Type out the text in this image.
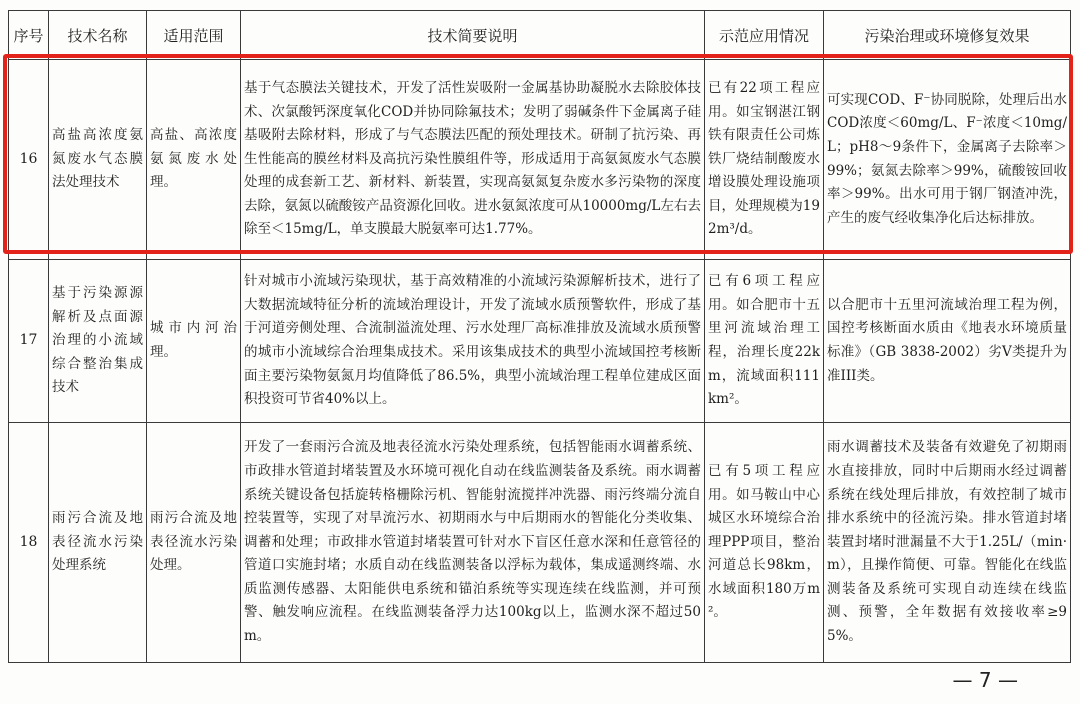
序号	技术名称	适用范围	技术简要说明	示范应用情况	污染治理或环境修复效果
16	高盐高浓度氨氮废水气态膜法处理技术	高盐、高浓度氨氮废水处理。	基于气态膜法关键技术，开发了活性炭吸附一金属基协助凝脱水去除胶体技术、次氯酸钙深度氧化COD并协同除氟技术；发明了弱碱条件下金属离子硅基吸附去除材料，形成了与气态膜法匹配的预处理技术。研制了抗污染、再生性能高的膜丝材料及高抗污染性膜组件等，形成适用于高氨氮废水气态膜处理的成套新工艺、新材料、新装置，实现高氨氮复杂废水多污染物的深度去除，氨氮以硫酸铵产品资源化回收。进水氨氮浓度可从10000mg/L左右去除至＜15mg/L，单支膜最大脱氨率可达1.77%。	已有22项工程应用。如宝钢湛江钢铁有限责任公司炼铁厂烧结制酸废水增设膜处理设施项目，处理规模为192m³/d。	可实现COD、F⁻协同脱除，处理后出水COD浓度＜60mg/L、F⁻浓度＜10mg/L；pH8～9条件下，金属离子去除率＞99%；氨氮去除率＞99%，硫酸铵回收率＞99%。出水可用于钢厂钢渣冲洗，产生的废气经收集净化后达标排放。
17	基于污染源源解析及点面源治理的小流域综合整治集成技术	城市内河治理。	针对城市小流域污染现状，基于高效精准的小流域污染源解析技术，进行了大数据流域特征分析的流域治理设计，开发了流域水质预警软件，形成了基于河道旁侧处理、合流制溢流处理、污水处理厂高标准排放及流域水质预警的城市小流域综合治理集成技术。采用该集成技术的典型小流域国控考核断面主要污染物氨氮月均值降低了86.5%，典型小流域治理工程单位建成区面积投资可节省40%以上。	已有6项工程应用。如合肥市十五里河流域治理工程，治理长度22km，流域面积111km²。	以合肥市十五里河流域治理工程为例，国控考核断面水质由《地表水环境质量标准》（GB 3838-2002）劣V类提升为准III类。
18	雨污合流及地表径流水污染处理系统	雨污合流及地表径流水污染处理。	开发了一套雨污合流及地表径流水污染处理系统，包括智能雨水调蓄系统、市政排水管道封堵装置及水环境可视化自动在线监测装备及系统。雨水调蓄系统关键设备包括旋转格栅除污机、智能射流搅拌冲洗器、雨污终端分流自控装置等，实现了对旱流污水、初期雨水与中后期雨水的智能化分类收集、调蓄和处理；市政排水管道封堵装置可针对水下盲区任意水深和任意管径的管道口实施封堵；水质自动在线监测装备以浮标为载体，集成遥测终端、水质监测传感器、太阳能供电系统和锚泊系统等实现连续在线监测，并可预警、触发响应流程。在线监测装备浮力达100kg以上，监测水深不超过50m。	已有5项工程应用。如马鞍山中心城区水环境综合治理PPP项目，整治河道总长98km，水域面积180万m²。	雨水调蓄技术及装备有效避免了初期雨水直接排放，同时中后期雨水经过调蓄系统在线处理后排放，有效控制了城市排水系统中的径流污染。排水管道封堵装置封堵时泄漏量不大于1.25L/（min·m），且操作简便、可靠。智能化在线监测装备及系统可实现自动连续在线监测、预警，全年数据有效接收率≥95%。
— 7 —
